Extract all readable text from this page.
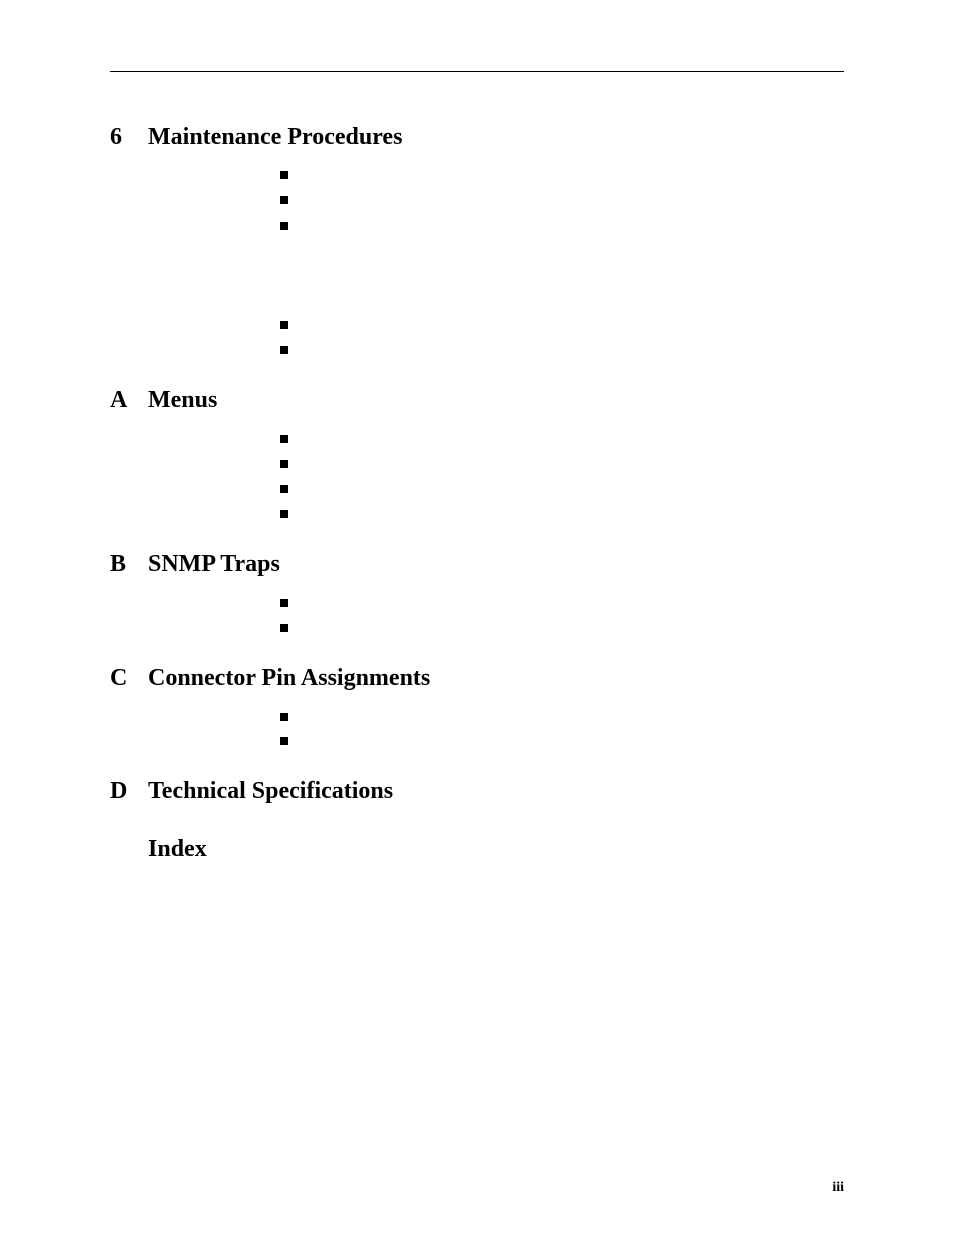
6 Maintenance Procedures
A Menus
B SNMP Traps
C Connector Pin Assignments
D Technical Specifications
Index
iii
